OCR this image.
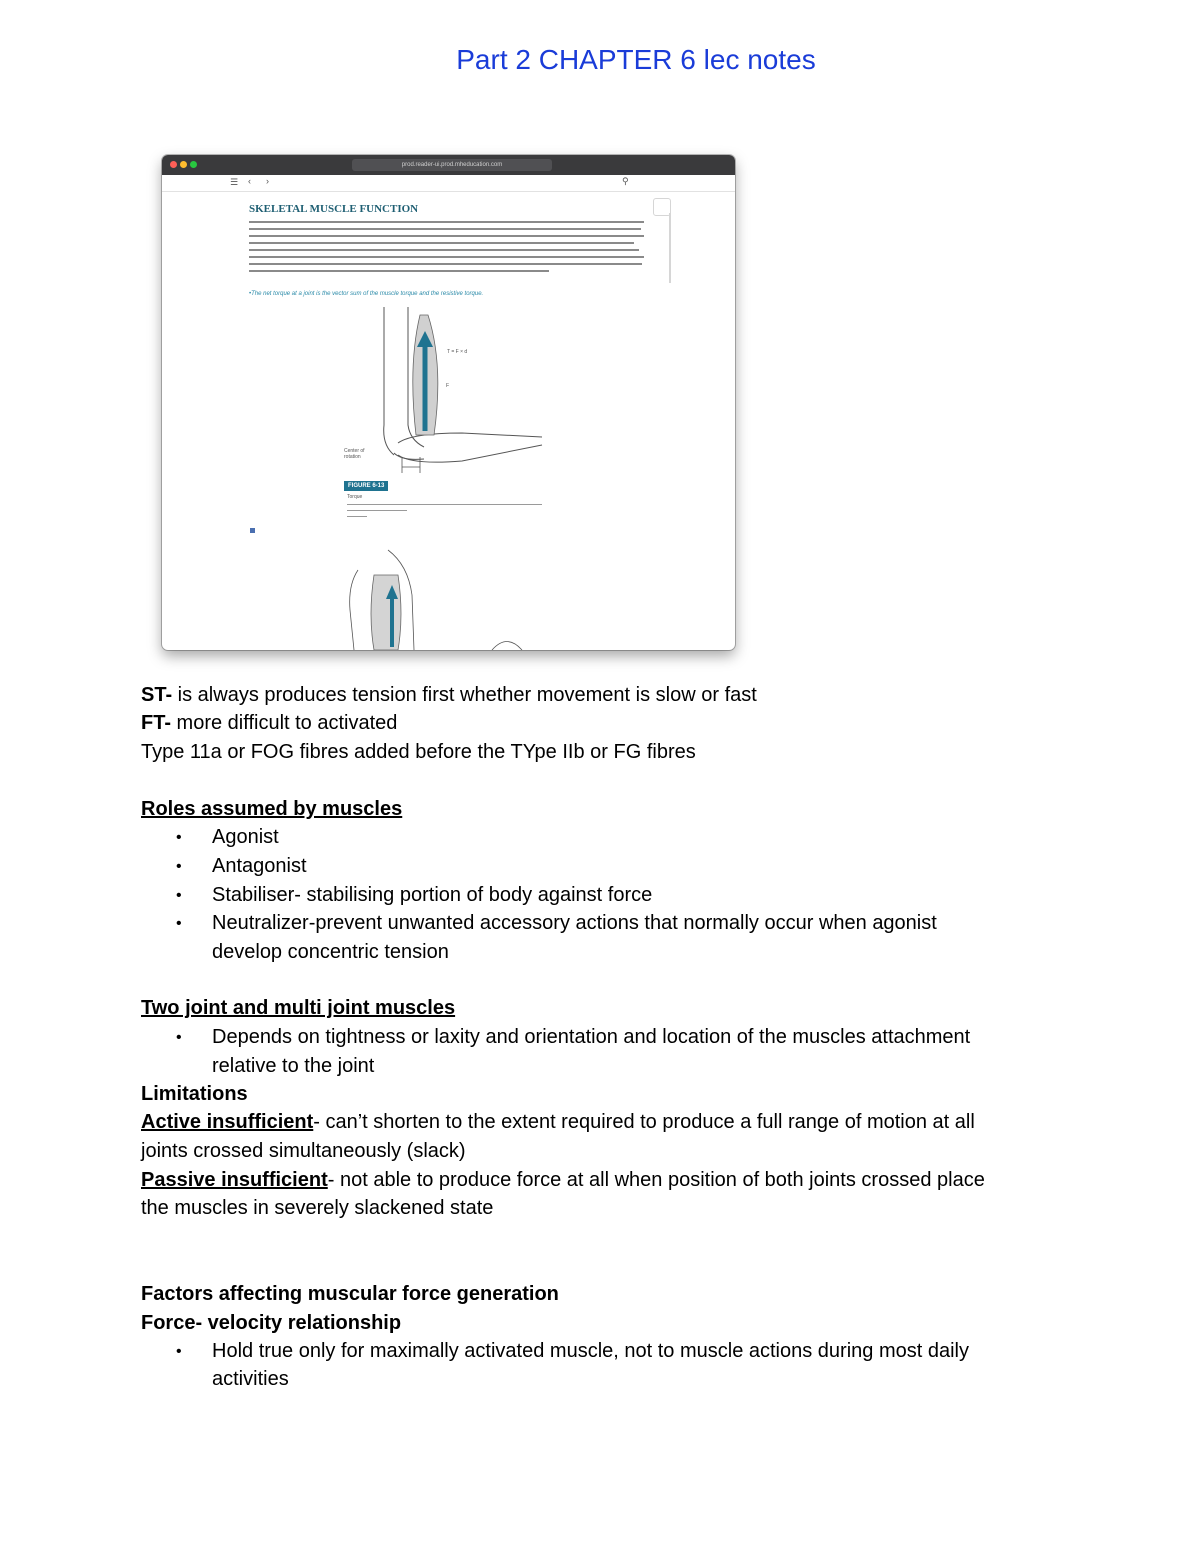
Part 2 CHAPTER 6 lec notes
prod.reader-ui.prod.mheducation.com
☰ ‹ ›	⚲
SKELETAL MUSCLE FUNCTION
•The net torque at a joint is the vector sum of the muscle torque and the resistive torque.
T = F × d
F
Center of rotation
FIGURE 6-13
Torque
ST- is always produces tension first whether movement is slow or fast
FT- more difficult to activated
Type 11a or FOG fibres added before the TYpe IIb or FG fibres
Roles assumed by muscles
• Agonist
• Antagonist
• Stabiliser- stabilising portion of body against force
• Neutralizer-prevent unwanted accessory actions that normally occur when agonist
develop concentric tension
Two joint and multi joint muscles
• Depends on tightness or laxity and orientation and location of the muscles attachment
relative to the joint
Limitations
Active insufficient- can’t shorten to the extent required to produce a full range of motion at all
joints crossed simultaneously (slack)
Passive insufficient- not able to produce force at all when position of both joints crossed place
the muscles in severely slackened state
Factors affecting muscular force generation
Force- velocity relationship
• Hold true only for maximally activated muscle, not to muscle actions during most daily
activities
